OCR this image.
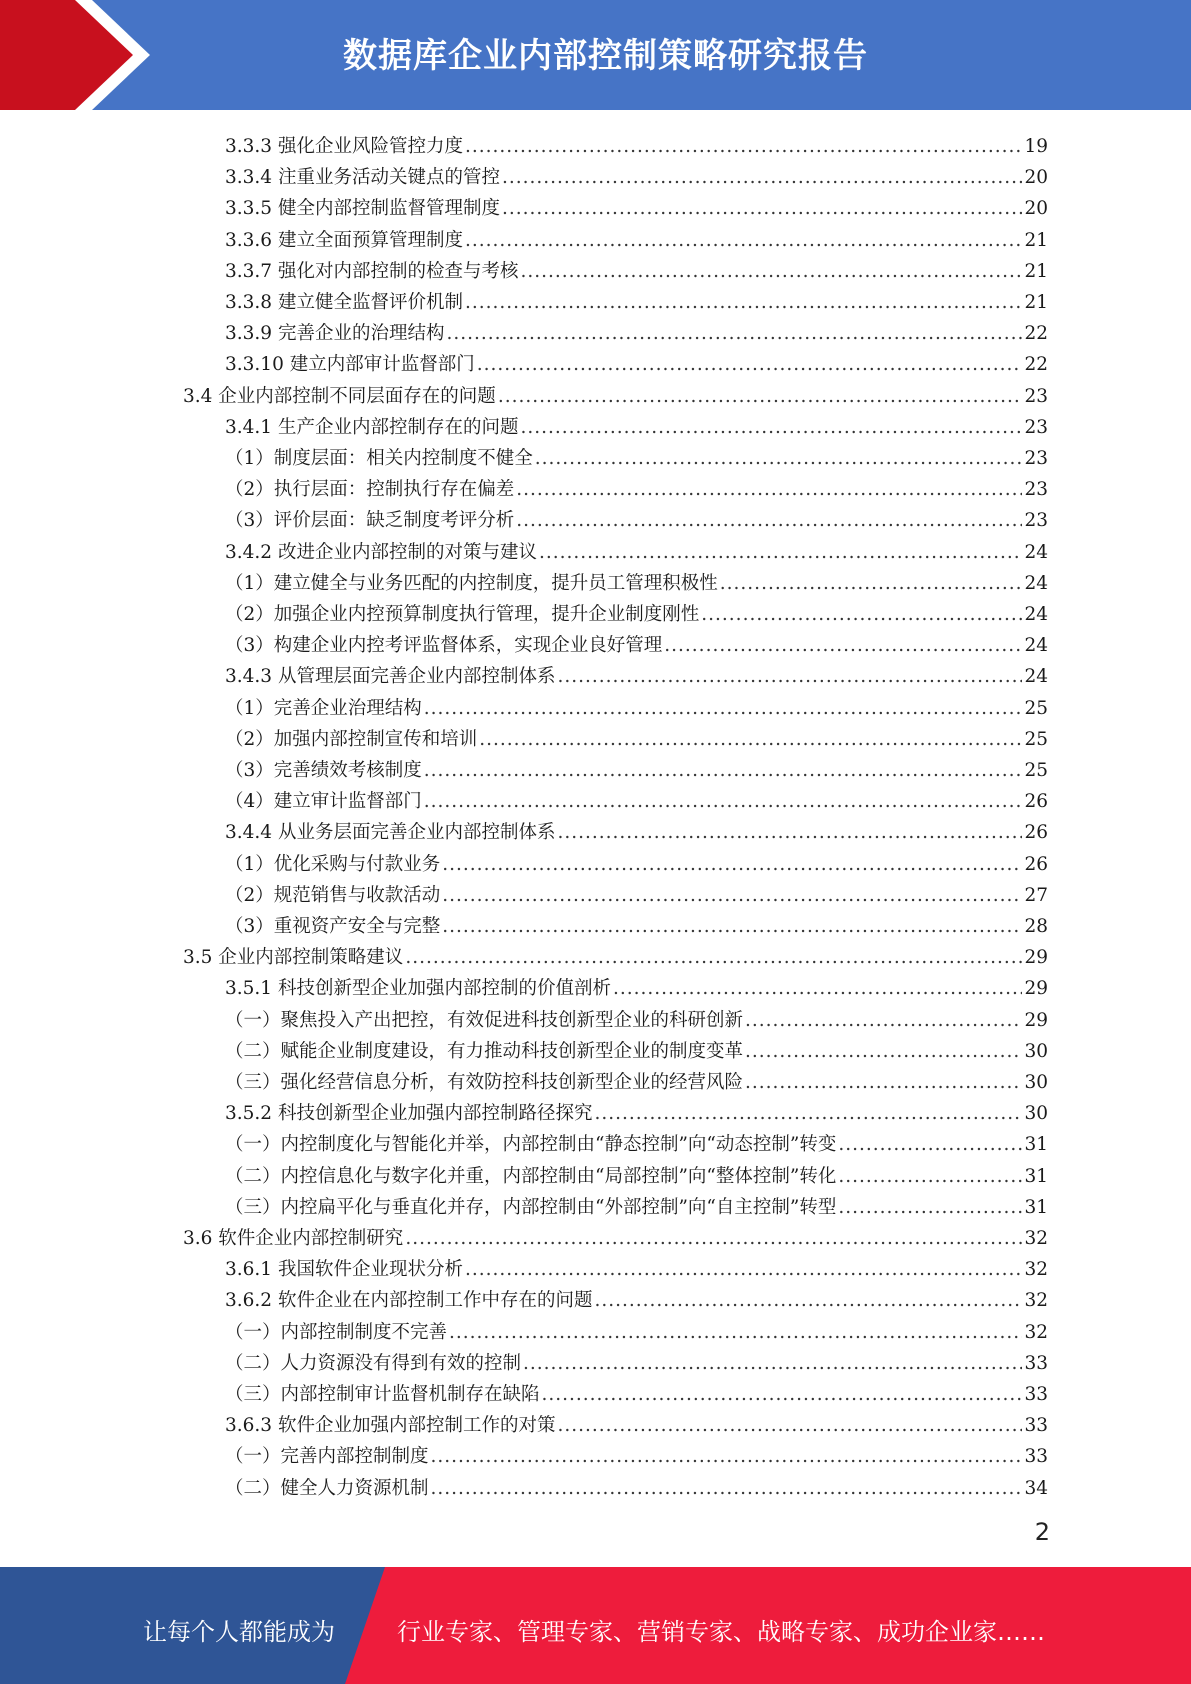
数据库企业内部控制策略研究报告
3.3.3 强化企业风险管控力度 .....	19
3.3.4 注重业务活动关键点的管控 .....	20
3.3.5 健全内部控制监督管理制度 .....	20
3.3.6 建立全面预算管理制度 .....	21
3.3.7 强化对内部控制的检查与考核 .....	21
3.3.8 建立健全监督评价机制 .....	21
3.3.9 完善企业的治理结构 .....	22
3.3.10 建立内部审计监督部门 .....	22
3.4 企业内部控制不同层面存在的问题 .....	23
3.4.1 生产企业内部控制存在的问题 .....	23
（1）制度层面：相关内控制度不健全 .....	23
（2）执行层面：控制执行存在偏差 .....	23
（3）评价层面：缺乏制度考评分析 .....	23
3.4.2 改进企业内部控制的对策与建议 .....	24
（1）建立健全与业务匹配的内控制度，提升员工管理积极性 .....	24
（2）加强企业内控预算制度执行管理，提升企业制度刚性 .....	24
（3）构建企业内控考评监督体系，实现企业良好管理 .....	24
3.4.3 从管理层面完善企业内部控制体系 .....	24
（1）完善企业治理结构 .....	25
（2）加强内部控制宣传和培训 .....	25
（3）完善绩效考核制度 .....	25
（4）建立审计监督部门 .....	26
3.4.4 从业务层面完善企业内部控制体系 .....	26
（1）优化采购与付款业务 .....	26
（2）规范销售与收款活动 .....	27
（3）重视资产安全与完整 .....	28
3.5 企业内部控制策略建议 .....	29
3.5.1 科技创新型企业加强内部控制的价值剖析 .....	29
（一）聚焦投入产出把控，有效促进科技创新型企业的科研创新 .....	29
（二）赋能企业制度建设，有力推动科技创新型企业的制度变革 .....	30
（三）强化经营信息分析，有效防控科技创新型企业的经营风险 .....	30
3.5.2 科技创新型企业加强内部控制路径探究 .....	30
（一）内控制度化与智能化并举，内部控制由“静态控制”向“动态控制”转变 .....	31
（二）内控信息化与数字化并重，内部控制由“局部控制”向“整体控制”转化 .....	31
（三）内控扁平化与垂直化并存，内部控制由“外部控制”向“自主控制”转型 .....	31
3.6 软件企业内部控制研究 .....	32
3.6.1 我国软件企业现状分析 .....	32
3.6.2 软件企业在内部控制工作中存在的问题 .....	32
（一）内部控制制度不完善 .....	32
（二）人力资源没有得到有效的控制 .....	33
（三）内部控制审计监督机制存在缺陷 .....	33
3.6.3 软件企业加强内部控制工作的对策 .....	33
（一）完善内部控制制度 .....	33
（二）健全人力资源机制 .....	34
2
让每个人都能成为	行业专家、管理专家、营销专家、战略专家、成功企业家……
